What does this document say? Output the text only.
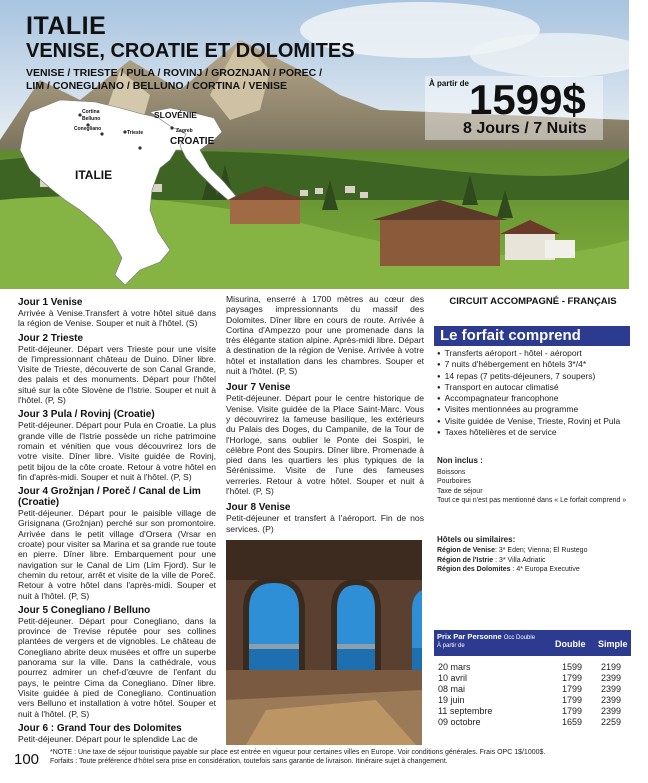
ITALIE
VENISE, CROATIE ET DOLOMITES
VENISE / TRIESTE / PULA / ROVINJ / GROZNJAN / POREC / LIM / CONEGLIANO / BELLUNO / CORTINA / VENISE
SLOVÉNIE
CROATIE
ITALIE
Cortina
Belluno
Conegliano
Trieste	Zagreb
À partir de 1599$
8 Jours / 7 Nuits
Jour 1 Venise

Arrivée à Venise.Transfert à votre hôtel situé dans la région de Venise. Souper et nuit à l'hôtel. (S)

Jour 2 Trieste

Petit-déjeuner. Départ vers Trieste pour une visite de l'impressionnant château de Duino. Dîner libre. Visite de Trieste, découverte de son Canal Grande, des palais et des monuments. Départ pour l'hôtel situé sur la côte Slovène de l'Istrie. Souper et nuit à l'hôtel. (P, S)

Jour 3 Pula / Rovinj (Croatie)

Petit-déjeuner. Départ pour Pula en Croatie. La plus grande ville de l'Istrie possède un riche patrimoine romain et vénitien que vous découvrirez lors de votre visite. Dîner libre. Visite guidée de Rovinj, petit bijou de la côte croate. Retour à votre hôtel en fin d'après-midi. Souper et nuit à l'hôtel. (P, S)

Jour 4 Grožnjan / Poreč / Canal de Lim (Croatie)

Petit-déjeuner. Départ pour le paisible village de Grisignana (Grožnjan) perché sur son promontoire. Arrivée dans le petit village d'Orsera (Vrsar en croate) pour visiter sa Marina et sa grande rue toute en pierre. Dîner libre. Embarquement pour une navigation sur le Canal de Lim (Lim Fjord). Sur le chemin du retour, arrêt et visite de la ville de Poreč. Retour à votre hôtel dans l'après-midi. Souper et nuit à l'hôtel. (P, S)

Jour 5 Conegliano / Belluno

Petit-déjeuner. Départ pour Conegliano, dans la province de Trevise réputée pour ses collines plantées de vergers et de vignobles. Le château de Conegliano abrite deux musées et offre un superbe panorama sur la ville. Dans la cathédrale, vous pourrez admirer un chef-d'œuvre de l'enfant du pays, le peintre Cima da Conegliano. Dîner libre. Visite guidée à pied de Conegliano. Continuation vers Belluno et installation à votre hôtel. Souper et nuit à l'hôtel. (P, S)

Jour 6 : Grand Tour des Dolomites

Petit-déjeuner. Départ pour le splendide Lac de

Misurina, enserré à 1700 mètres au cœur des paysages impressionnants du massif des Dolomites. Dîner libre en cours de route. Arrivée à Cortina d'Ampezzo pour une promenade dans la très élégante station alpine. Après-midi libre. Départ à destination de la région de Venise. Arrivée à votre hôtel et installation dans les chambres. Souper et nuit à l'hôtel. (P, S)

Jour 7 Venise

Petit-déjeuner. Départ pour le centre historique de Venise. Visite guidée de la Place Saint-Marc. Vous y découvrirez la fameuse basilique, les extérieurs du Palais des Doges, du Campanile, de la Tour de l'Horloge, sans oublier le Ponte dei Sospiri, le célèbre Pont des Soupirs. Dîner libre. Promenade à pied dans les quartiers les plus typiques de la Sérénissime. Visite de l'une des fameuses verreries. Retour à votre hôtel. Souper et nuit à l'hôtel. (P, S)

Jour 8 Venise

Petit-déjeuner et transfert à l'aéroport. Fin de nos services. (P)

CIRCUIT ACCOMPAGNÉ - FRANÇAIS
Le forfait comprend
● Transferts aéroport - hôtel - aéroport
● 7 nuits d'hébergement en hôtels 3*/4*
● 14 repas (7 petits-déjeuners, 7 soupers)
● Transport en autocar climatisé
● Accompagnateur francophone
● Visites mentionnées au programme
● Visite guidée de Venise, Trieste, Rovinj et Pula
● Taxes hôtelières et de service
Non inclus :
Boissons
Pourboires
Taxe de séjour
Tout ce qui n'est pas mentionné dans « Le forfait comprend »
Hôtels ou similaires:
Région de Venise: 3* Eden; Vienna; El Rustego
Région de l'Istrie : 3* Villa Adriatic
Région des Dolomites : 4* Europa Executive
Prix Par Personne Occ Double
À partir de	Double Simple
20 mars	1599 2199
10 avril	1799 2399
08 mai	1799 2399
19 juin	1799 2399
11 septembre	1799 2399
09 octobre	1659 2259
100 *NOTE : Une taxe de séjour touristique payable sur place est entrée en vigueur pour certaines villes en Europe. Voir conditions générales. Frais OPC 1$/1000$.
Forfaits : Toute préférence d'hôtel sera prise en considération, toutefois sans garantie de livraison. Itinéraire sujet à changement.
